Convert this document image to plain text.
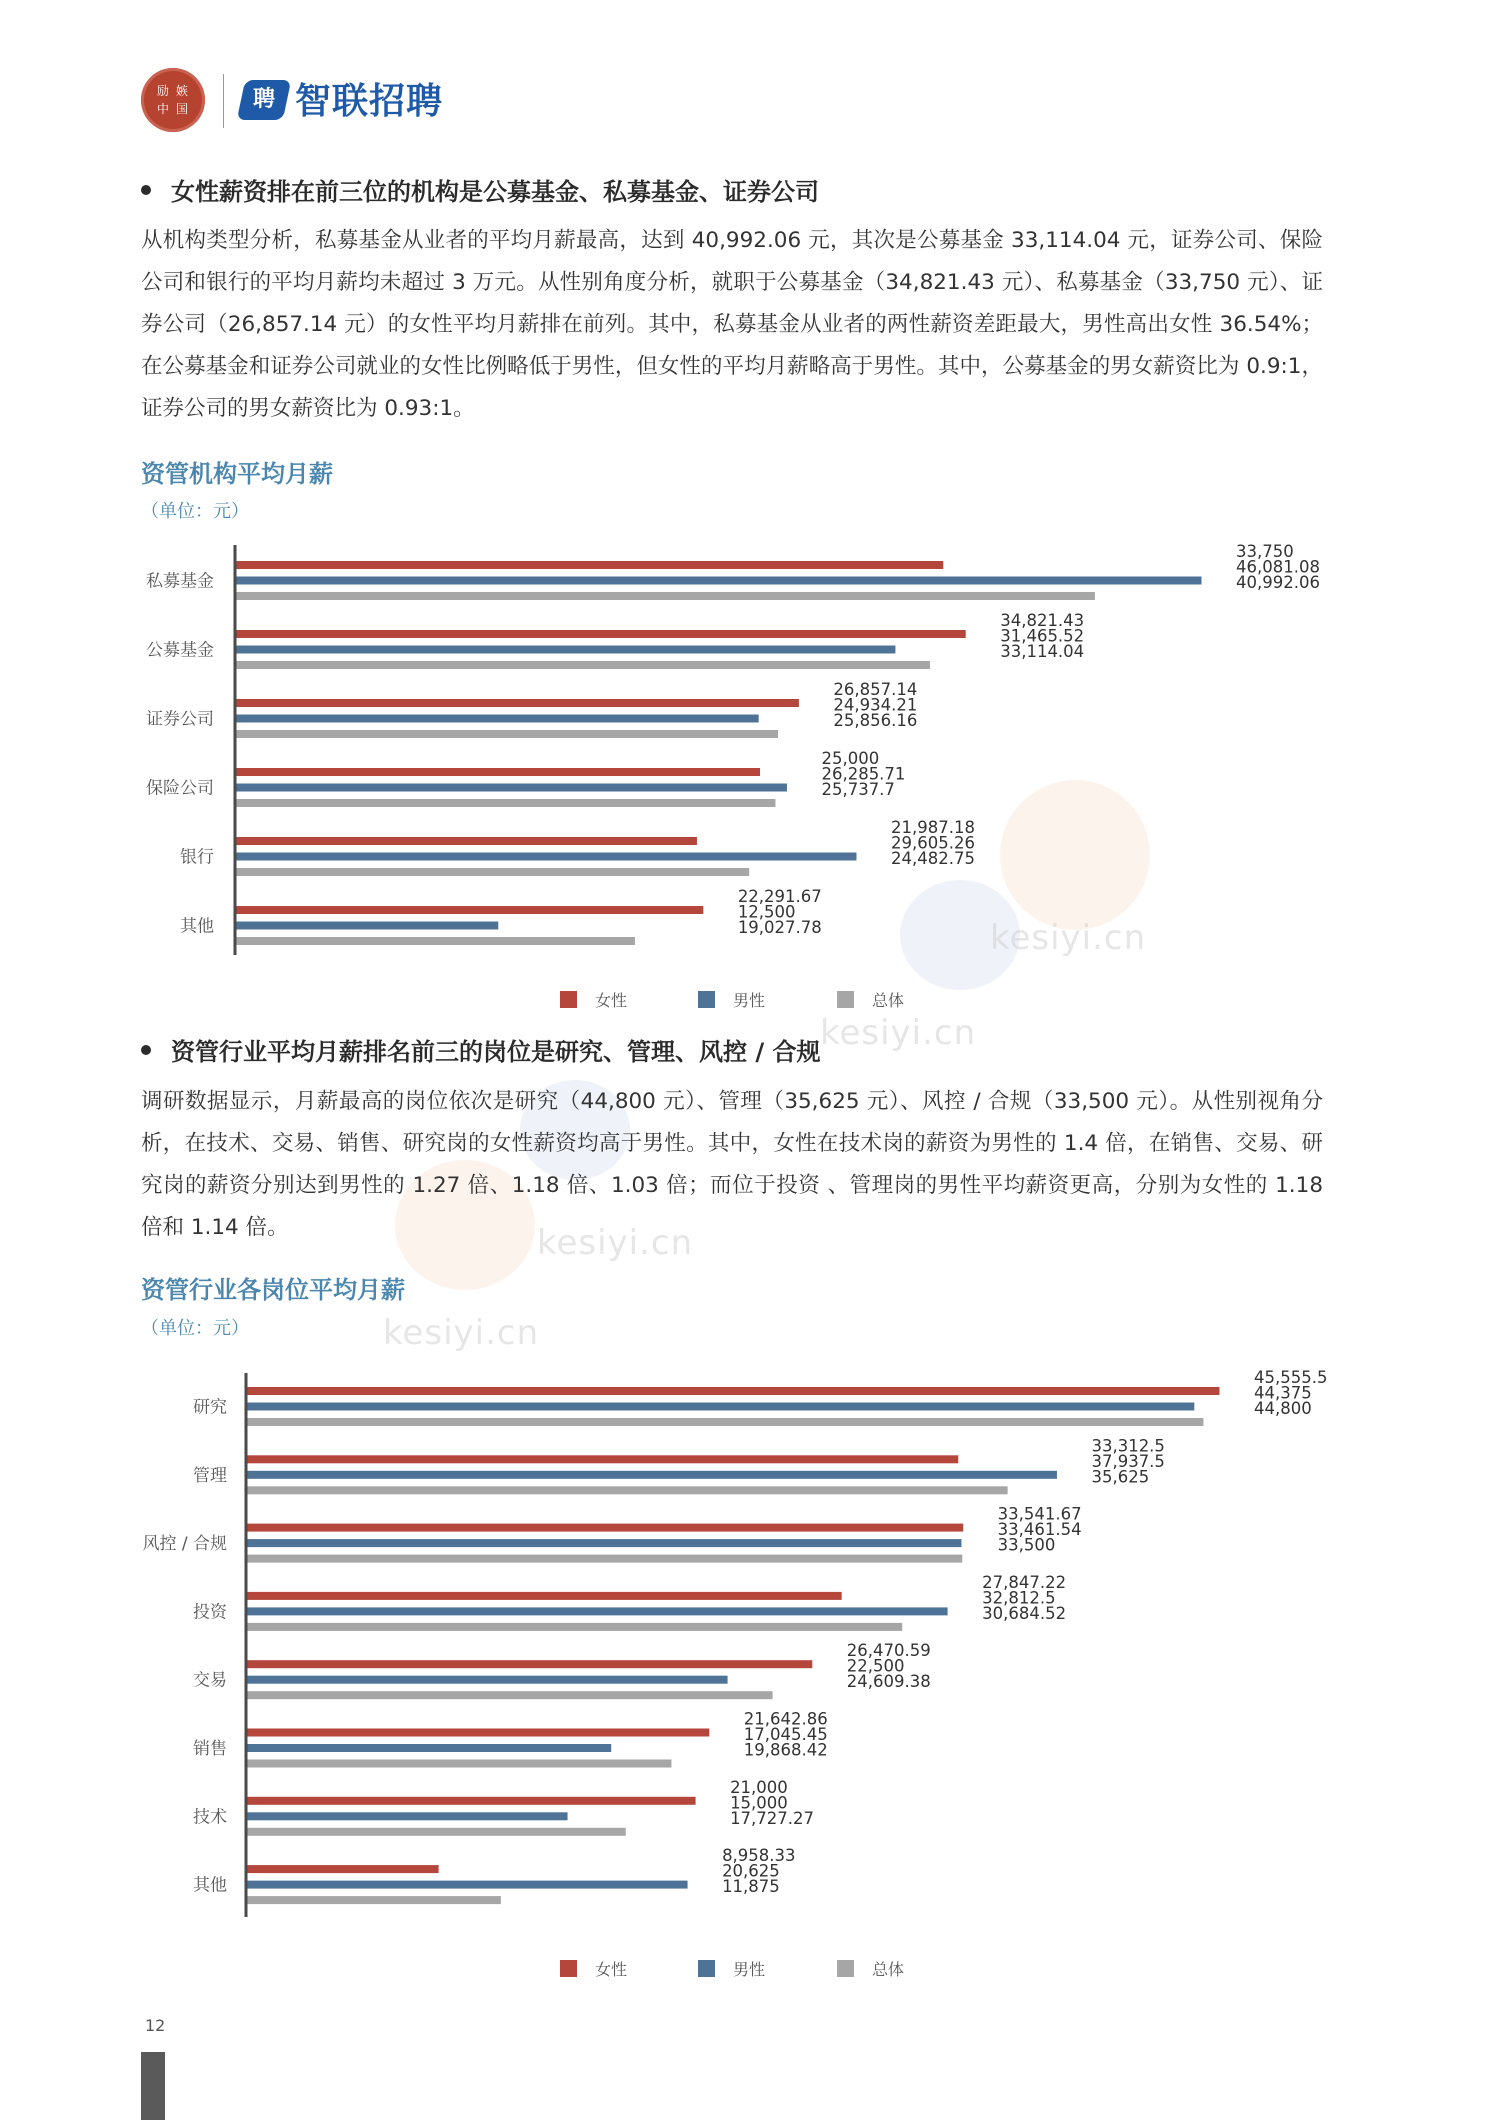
励 嫉
中 国	聘 智联招聘
kesiyi.cn
kesiyi.cn
kesiyi.cn
kesiyi.cn
女性薪资排在前三位的机构是公募基金、私募基金、证券公司
从机构类型分析，私募基金从业者的平均月薪最高，达到 40,992.06 元，其次是公募基金 33,114.04 元，证券公司、保险公司和银行的平均月薪均未超过 3 万元。从性别角度分析，就职于公募基金（34,821.43 元）、私募基金（33,750 元）、证券公司（26,857.14 元）的女性平均月薪排在前列。其中，私募基金从业者的两性薪资差距最大，男性高出女性 36.54%；在公募基金和证券公司就业的女性比例略低于男性，但女性的平均月薪略高于男性。其中，公募基金的男女薪资比为 0.9:1，证券公司的男女薪资比为 0.93:1。
资管机构平均月薪
（单位：元）
私募基金
33,750
46,081.08
40,992.06
公募基金
34,821.43
31,465.52
33,114.04
证券公司
26,857.14
24,934.21
25,856.16
保险公司
25,000
26,285.71
25,737.7
银行
21,987.18
29,605.26
24,482.75
其他
22,291.67
12,500
19,027.78
女性	男性	总体
资管行业平均月薪排名前三的岗位是研究、管理、风控 / 合规
调研数据显示，月薪最高的岗位依次是研究（44,800 元）、管理（35,625 元）、风控 / 合规（33,500 元）。从性别视角分析，在技术、交易、销售、研究岗的女性薪资均高于男性。其中，女性在技术岗的薪资为男性的 1.4 倍，在销售、交易、研究岗的薪资分别达到男性的 1.27 倍、1.18 倍、1.03 倍；而位于投资 、管理岗的男性平均薪资更高，分别为女性的 1.18 倍和 1.14 倍。
资管行业各岗位平均月薪
（单位：元）
研究
45,555.5
44,375
44,800
管理
33,312.5
37,937.5
35,625
风控 / 合规
33,541.67
33,461.54
33,500
投资
27,847.22
32,812.5
30,684.52
交易
26,470.59
22,500
24,609.38
销售
21,642.86
17,045.45
19,868.42
技术
21,000
15,000
17,727.27
其他
8,958.33
20,625
11,875
女性	男性	总体
12
